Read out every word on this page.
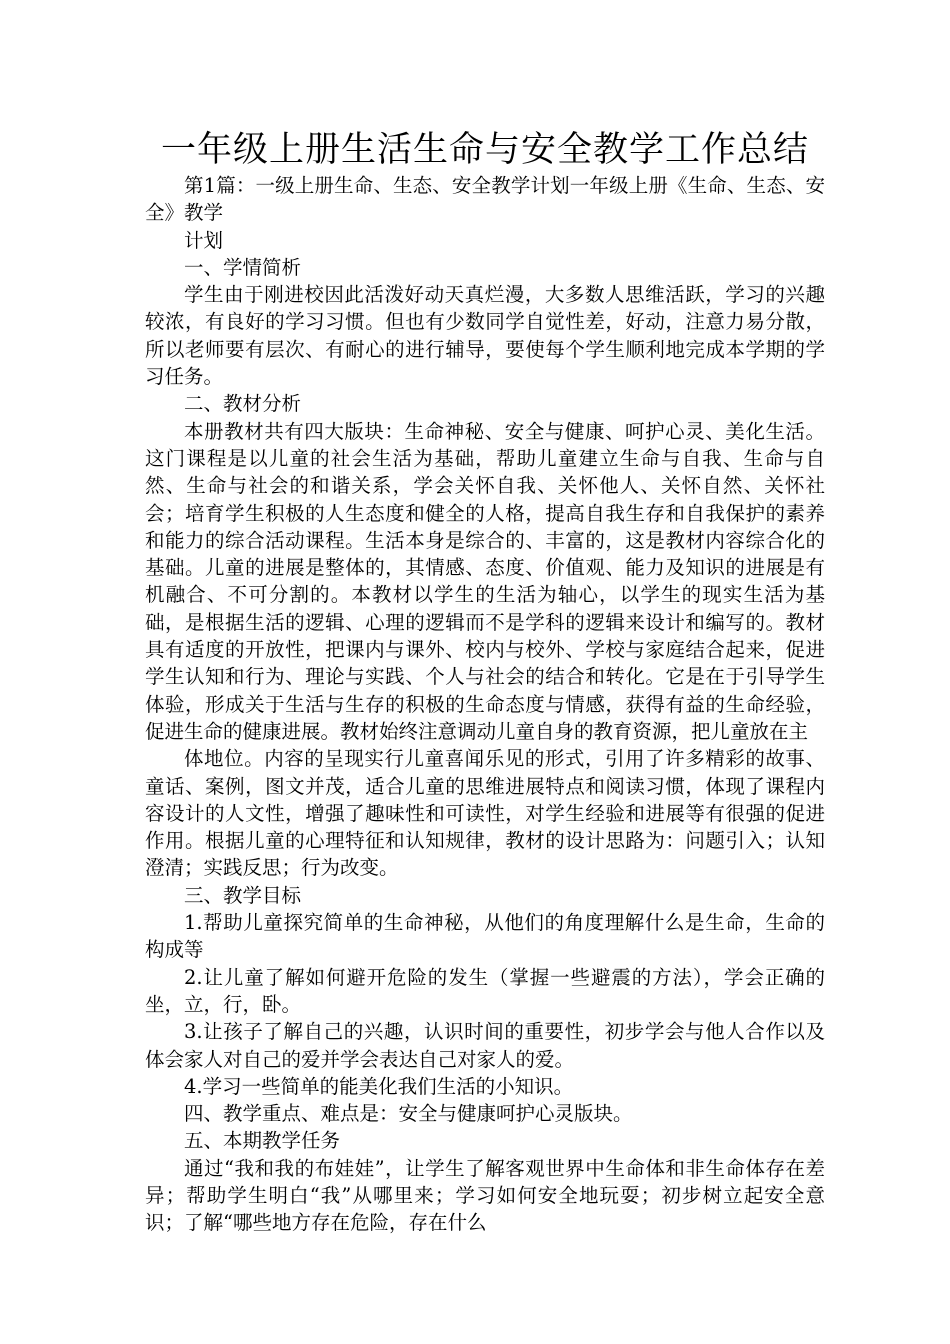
一年级上册生活生命与安全教学工作总结

第1篇：一级上册生命、生态、安全教学计划一年级上册《生命、生态、安全》教学

计划

一、学情简析

学生由于刚进校因此活泼好动天真烂漫，大多数人思维活跃，学习的兴趣较浓，有良好的学习习惯。但也有少数同学自觉性差，好动，注意力易分散，所以老师要有层次、有耐心的进行辅导，要使每个学生顺利地完成本学期的学习任务。

二、教材分析

本册教材共有四大版块：生命神秘、安全与健康、呵护心灵、美化生活。这门课程是以儿童的社会生活为基础，帮助儿童建立生命与自我、生命与自然、生命与社会的和谐关系，学会关怀自我、关怀他人、关怀自然、关怀社会；培育学生积极的人生态度和健全的人格，提高自我生存和自我保护的素养和能力的综合活动课程。生活本身是综合的、丰富的，这是教材内容综合化的基础。儿童的进展是整体的，其情感、态度、价值观、能力及知识的进展是有机融合、不可分割的。本教材以学生的生活为轴心，以学生的现实生活为基础，是根据生活的逻辑、心理的逻辑而不是学科的逻辑来设计和编写的。教材具有适度的开放性，把课内与课外、校内与校外、学校与家庭结合起来，促进学生认知和行为、理论与实践、个人与社会的结合和转化。它是在于引导学生体验，形成关于生活与生存的积极的生命态度与情感，获得有益的生命经验，促进生命的健康进展。教材始终注意调动儿童自身的教育资源，把儿童放在主

体地位。内容的呈现实行儿童喜闻乐见的形式，引用了许多精彩的故事、童话、案例，图文并茂，适合儿童的思维进展特点和阅读习惯，体现了课程内容设计的人文性，增强了趣味性和可读性，对学生经验和进展等有很强的促进作用。根据儿童的心理特征和认知规律，教材的设计思路为：问题引入；认知澄清；实践反思；行为改变。

三、教学目标

1.帮助儿童探究简单的生命神秘，从他们的角度理解什么是生命，生命的构成等

2.让儿童了解如何避开危险的发生（掌握一些避震的方法），学会正确的坐，立，行，卧。

3.让孩子了解自己的兴趣，认识时间的重要性，初步学会与他人合作以及体会家人对自己的爱并学会表达自己对家人的爱。

4.学习一些简单的能美化我们生活的小知识。

四、教学重点、难点是：安全与健康呵护心灵版块。

五、本期教学任务

通过“我和我的布娃娃”，让学生了解客观世界中生命体和非生命体存在差异；帮助学生明白“我”从哪里来；学习如何安全地玩耍；初步树立起安全意识；了解“哪些地方存在危险，存在什么
